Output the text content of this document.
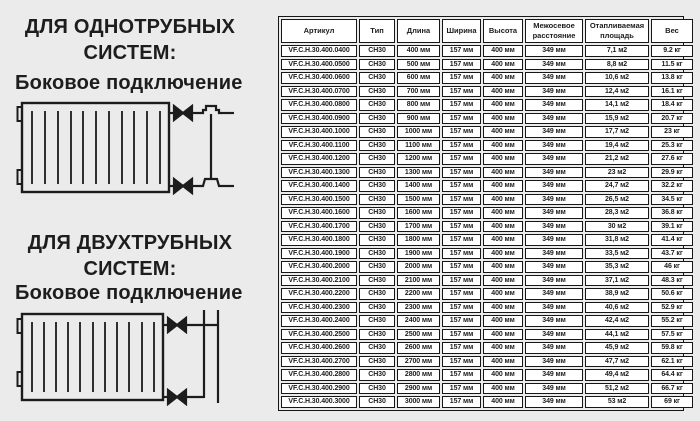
ДЛЯ ОДНОТРУБНЫХ
СИСТЕМ:
Боковое подключение
ДЛЯ ДВУХТРУБНЫХ
СИСТЕМ:
Боковое подключение
Артикул	Тип	Длина	Ширина	Высота	Межосевое расстояние	Отапливаемая площадь	Вес
VF.C.H.30.400.0400	CH30	400 мм	157 мм	400 мм	349 мм	7,1 м2	9.2 кг
VF.C.H.30.400.0500	CH30	500 мм	157 мм	400 мм	349 мм	8,8 м2	11.5 кг
VF.C.H.30.400.0600	CH30	600 мм	157 мм	400 мм	349 мм	10,6 м2	13.8 кг
VF.C.H.30.400.0700	CH30	700 мм	157 мм	400 мм	349 мм	12,4 м2	16.1 кг
VF.C.H.30.400.0800	CH30	800 мм	157 мм	400 мм	349 мм	14,1 м2	18.4 кг
VF.C.H.30.400.0900	CH30	900 мм	157 мм	400 мм	349 мм	15,9 м2	20.7 кг
VF.C.H.30.400.1000	CH30	1000 мм	157 мм	400 мм	349 мм	17,7 м2	23 кг
VF.C.H.30.400.1100	CH30	1100 мм	157 мм	400 мм	349 мм	19,4 м2	25.3 кг
VF.C.H.30.400.1200	CH30	1200 мм	157 мм	400 мм	349 мм	21,2 м2	27.6 кг
VF.C.H.30.400.1300	CH30	1300 мм	157 мм	400 мм	349 мм	23 м2	29.9 кг
VF.C.H.30.400.1400	CH30	1400 мм	157 мм	400 мм	349 мм	24,7 м2	32.2 кг
VF.C.H.30.400.1500	CH30	1500 мм	157 мм	400 мм	349 мм	26,5 м2	34.5 кг
VF.C.H.30.400.1600	CH30	1600 мм	157 мм	400 мм	349 мм	28,3 м2	36.8 кг
VF.C.H.30.400.1700	CH30	1700 мм	157 мм	400 мм	349 мм	30 м2	39.1 кг
VF.C.H.30.400.1800	CH30	1800 мм	157 мм	400 мм	349 мм	31,8 м2	41.4 кг
VF.C.H.30.400.1900	CH30	1900 мм	157 мм	400 мм	349 мм	33,5 м2	43.7 кг
VF.C.H.30.400.2000	CH30	2000 мм	157 мм	400 мм	349 мм	35,3 м2	46 кг
VF.C.H.30.400.2100	CH30	2100 мм	157 мм	400 мм	349 мм	37,1 м2	48.3 кг
VF.C.H.30.400.2200	CH30	2200 мм	157 мм	400 мм	349 мм	38,9 м2	50.6 кг
VF.C.H.30.400.2300	CH30	2300 мм	157 мм	400 мм	349 мм	40,6 м2	52.9 кг
VF.C.H.30.400.2400	CH30	2400 мм	157 мм	400 мм	349 мм	42,4 м2	55.2 кг
VF.C.H.30.400.2500	CH30	2500 мм	157 мм	400 мм	349 мм	44,1 м2	57.5 кг
VF.C.H.30.400.2600	CH30	2600 мм	157 мм	400 мм	349 мм	45,9 м2	59.8 кг
VF.C.H.30.400.2700	CH30	2700 мм	157 мм	400 мм	349 мм	47,7 м2	62.1 кг
VF.C.H.30.400.2800	CH30	2800 мм	157 мм	400 мм	349 мм	49,4 м2	64.4 кг
VF.C.H.30.400.2900	CH30	2900 мм	157 мм	400 мм	349 мм	51,2 м2	66.7 кг
VF.C.H.30.400.3000	CH30	3000 мм	157 мм	400 мм	349 мм	53 м2	69 кг
